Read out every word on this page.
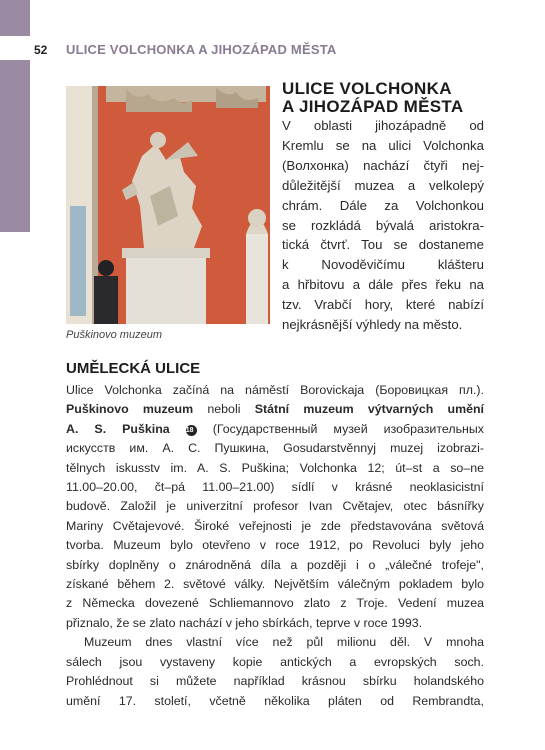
52 ULICE VOLCHONKA A JIHOZÁPAD MĚSTA
Puškinovo muzeum
ULICE VOLCHONKA
A JIHOZÁPAD MĚSTA
V oblasti jihozápadně od
Kremlu se na ulici Volchonka
(Волхонка) nachází čtyři nej-
důležitější muzea a velkolepý
chrám. Dále za Volchonkou
se rozkládá bývalá aristokra-
tická čtvrť. Tou se dostaneme
k Novoděvičímu klášteru
a hřbitovu a dále přes řeku na
tzv. Vrabčí hory, které nabízí
nejkrásnější výhledy na město.
UMĚLECKÁ ULICE
Ulice Volchonka začíná na náměstí Borovickaja (Боровицкая пл.).
Puškinovo muzeum neboli Státní muzeum výtvarných umění
A. S. Puškina 18 (Государственный музей изобразительных
искусств им. А. С. Пушкина, Gosudarstvěnnyj muzej izobrazi-
tělnych iskusstv im. A. S. Puškina; Volchonka 12; út–st a so–ne
11.00–20.00, čt–pá 11.00–21.00) sídlí v krásné neoklasicistní
budově. Založil je univerzitní profesor Ivan Cvětajev, otec básnířky
Mariny Cvětajevové. Široké veřejnosti je zde představována světová
tvorba. Muzeum bylo otevřeno v roce 1912, po Revoluci byly jeho
sbírky doplněny o znárodněná díla a později i o „válečné trofeje",
získané během 2. světové války. Největším válečným pokladem bylo
z Německa dovezené Schliemannovo zlato z Troje. Vedení muzea
přiznalo, že se zlato nachází v jeho sbírkách, teprve v roce 1993.
Muzeum dnes vlastní více než půl milionu děl. V mnoha
sálech jsou vystaveny kopie antických a evropských soch.
Prohlédnout si můžete například krásnou sbírku holandského
umění 17. století, včetně několika pláten od Rembrandta,
